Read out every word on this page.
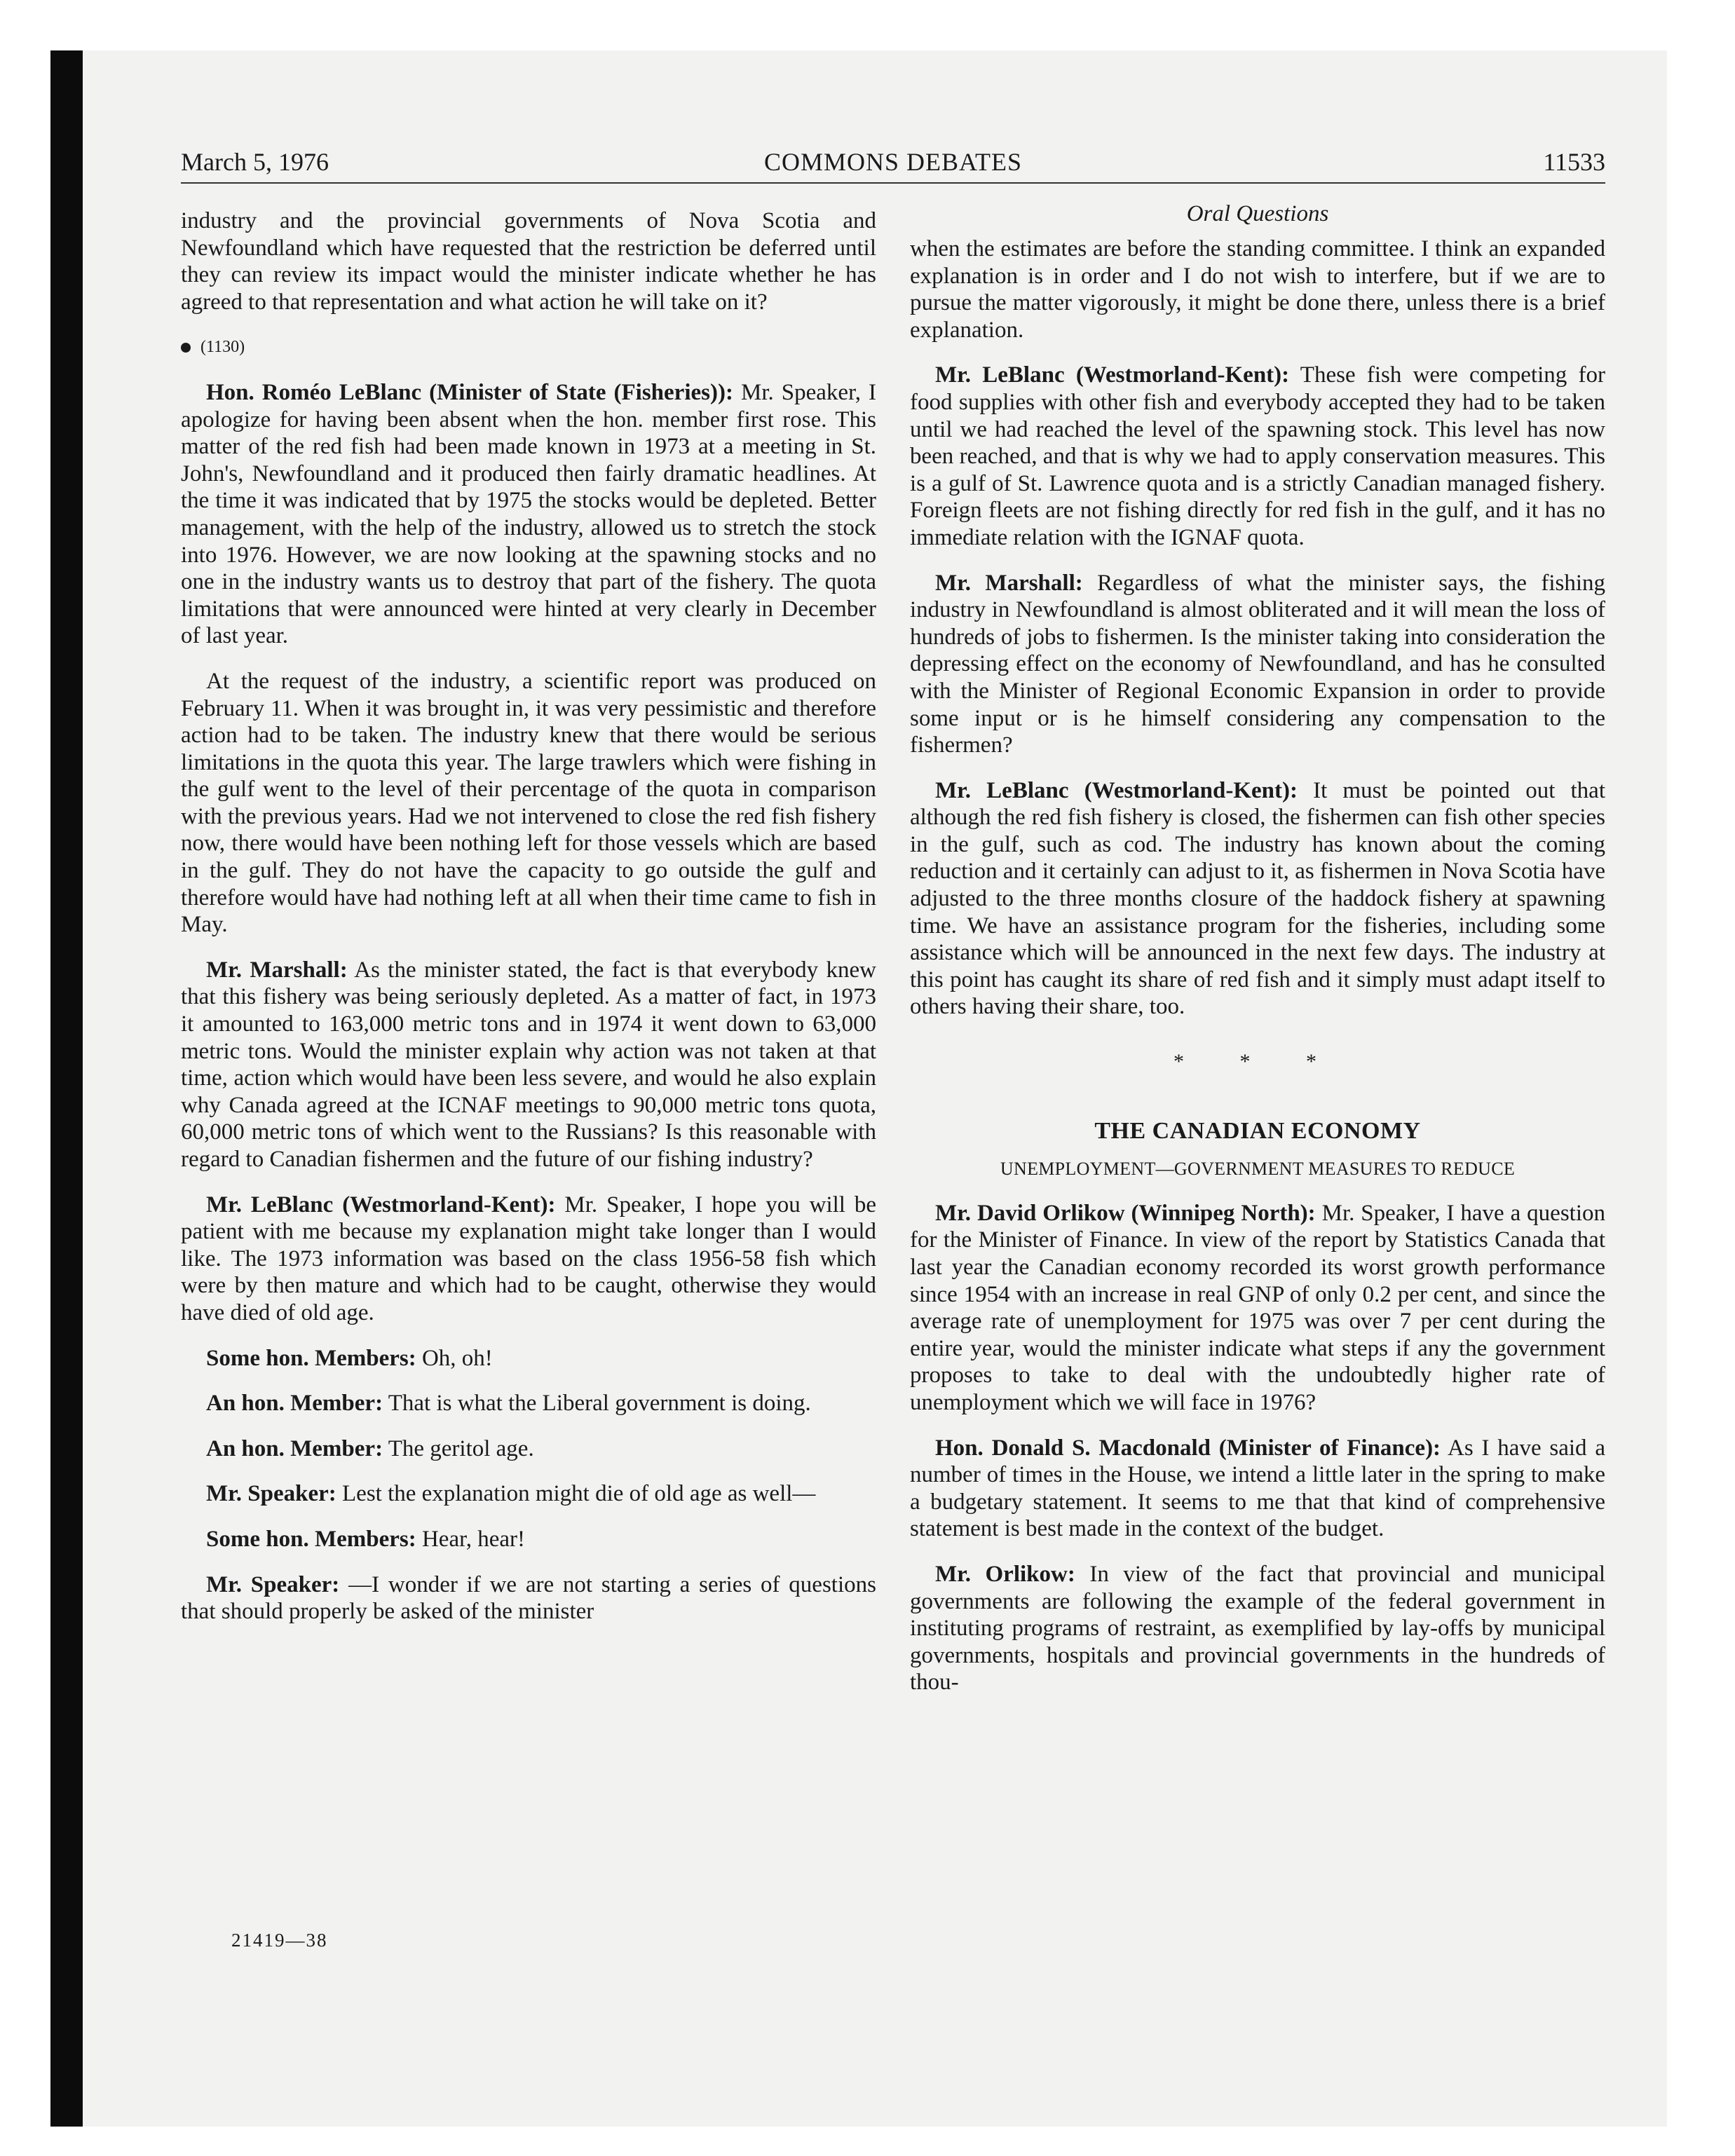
March 5, 1976	COMMONS DEBATES	11533

industry and the provincial governments of Nova Scotia and Newfoundland which have requested that the restriction be deferred until they can review its impact would the minister indicate whether he has agreed to that representation and what action he will take on it?

(1130)

Hon. Roméo LeBlanc (Minister of State (Fisheries)): Mr. Speaker, I apologize for having been absent when the hon. member first rose. This matter of the red fish had been made known in 1973 at a meeting in St. John's, Newfoundland and it produced then fairly dramatic headlines. At the time it was indicated that by 1975 the stocks would be depleted. Better management, with the help of the industry, allowed us to stretch the stock into 1976. However, we are now looking at the spawning stocks and no one in the industry wants us to destroy that part of the fishery. The quota limitations that were announced were hinted at very clearly in December of last year.

At the request of the industry, a scientific report was produced on February 11. When it was brought in, it was very pessimistic and therefore action had to be taken. The industry knew that there would be serious limitations in the quota this year. The large trawlers which were fishing in the gulf went to the level of their percentage of the quota in comparison with the previous years. Had we not intervened to close the red fish fishery now, there would have been nothing left for those vessels which are based in the gulf. They do not have the capacity to go outside the gulf and therefore would have had nothing left at all when their time came to fish in May.

Mr. Marshall: As the minister stated, the fact is that everybody knew that this fishery was being seriously depleted. As a matter of fact, in 1973 it amounted to 163,000 metric tons and in 1974 it went down to 63,000 metric tons. Would the minister explain why action was not taken at that time, action which would have been less severe, and would he also explain why Canada agreed at the ICNAF meetings to 90,000 metric tons quota, 60,000 metric tons of which went to the Russians? Is this reasonable with regard to Canadian fishermen and the future of our fishing industry?

Mr. LeBlanc (Westmorland-Kent): Mr. Speaker, I hope you will be patient with me because my explanation might take longer than I would like. The 1973 information was based on the class 1956-58 fish which were by then mature and which had to be caught, otherwise they would have died of old age.

Some hon. Members: Oh, oh!

An hon. Member: That is what the Liberal government is doing.

An hon. Member: The geritol age.

Mr. Speaker: Lest the explanation might die of old age as well—

Some hon. Members: Hear, hear!

Mr. Speaker: —I wonder if we are not starting a series of questions that should properly be asked of the minister

Oral Questions

when the estimates are before the standing committee. I think an expanded explanation is in order and I do not wish to interfere, but if we are to pursue the matter vigorously, it might be done there, unless there is a brief explanation.

Mr. LeBlanc (Westmorland-Kent): These fish were competing for food supplies with other fish and everybody accepted they had to be taken until we had reached the level of the spawning stock. This level has now been reached, and that is why we had to apply conservation measures. This is a gulf of St. Lawrence quota and is a strictly Canadian managed fishery. Foreign fleets are not fishing directly for red fish in the gulf, and it has no immediate relation with the IGNAF quota.

Mr. Marshall: Regardless of what the minister says, the fishing industry in Newfoundland is almost obliterated and it will mean the loss of hundreds of jobs to fishermen. Is the minister taking into consideration the depressing effect on the economy of Newfoundland, and has he consulted with the Minister of Regional Economic Expansion in order to provide some input or is he himself considering any compensation to the fishermen?

Mr. LeBlanc (Westmorland-Kent): It must be pointed out that although the red fish fishery is closed, the fishermen can fish other species in the gulf, such as cod. The industry has known about the coming reduction and it certainly can adjust to it, as fishermen in Nova Scotia have adjusted to the three months closure of the haddock fishery at spawning time. We have an assistance program for the fisheries, including some assistance which will be announced in the next few days. The industry at this point has caught its share of red fish and it simply must adapt itself to others having their share, too.

* * *
THE CANADIAN ECONOMY
UNEMPLOYMENT—GOVERNMENT MEASURES TO REDUCE

Mr. David Orlikow (Winnipeg North): Mr. Speaker, I have a question for the Minister of Finance. In view of the report by Statistics Canada that last year the Canadian economy recorded its worst growth performance since 1954 with an increase in real GNP of only 0.2 per cent, and since the average rate of unemployment for 1975 was over 7 per cent during the entire year, would the minister indicate what steps if any the government proposes to take to deal with the undoubtedly higher rate of unemployment which we will face in 1976?

Hon. Donald S. Macdonald (Minister of Finance): As I have said a number of times in the House, we intend a little later in the spring to make a budgetary statement. It seems to me that that kind of comprehensive statement is best made in the context of the budget.

Mr. Orlikow: In view of the fact that provincial and municipal governments are following the example of the federal government in instituting programs of restraint, as exemplified by lay-offs by municipal governments, hospitals and provincial governments in the hundreds of thou-

21419—38
